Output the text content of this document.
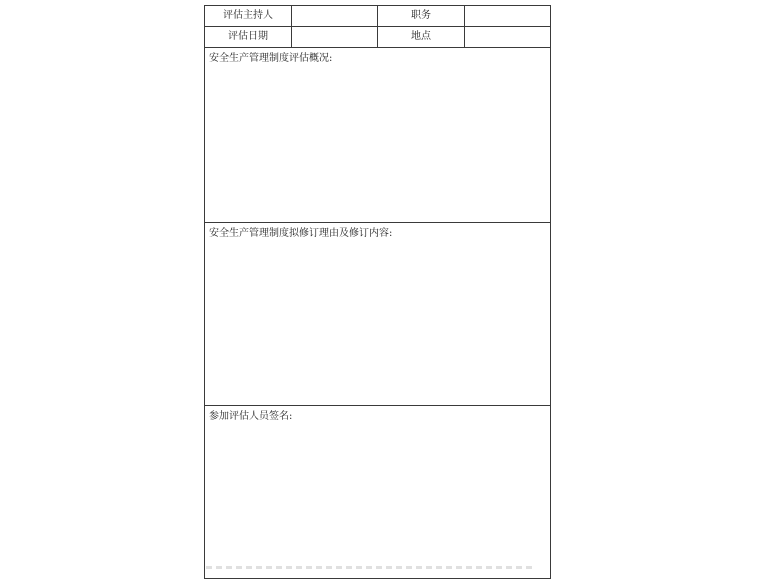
评估主持人		职务	
评估日期		地点	
安全生产管理制度评估概况:			
安全生产管理制度拟修订理由及修订内容:			
参加评估人员签名:			
